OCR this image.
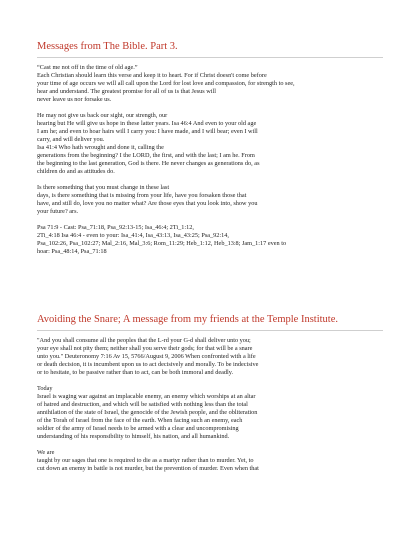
Messages from The Bible. Part 3.
Avoiding the Snare; A message from my friends at the Temple Institute.

“Cast me not off in the time of old age.”

Each Christian should learn this verse and keep it to heart. For if Christ doesn't come before

your time of age occurs we will all call upon the Lord for lost love and compassion, for strength to see,

hear and understand. The greatest promise for all of us is that Jesus will

never leave us nor forsake us.

He may not give us back our sight, our strength, our

hearing but He will give us hope in these latter years. Isa 46:4 And even to your old age

I am he; and even to hoar hairs will I carry you: I have made, and I will bear; even I will

carry, and will deliver you.

Isa 41:4 Who hath wrought and done it, calling the

generations from the beginning? I the LORD, the first, and with the last; I am he. From

the beginning to the last generation, God is there. He never changes as generations do, as

children do and as attitudes do.

Is there something that you must change in these last

days, is there something that is missing from your life, have you forsaken those that

have, and still do, love you no matter what? Are those eyes that you look into, show you

your future? ars.

Psa 71:9 - Cast: Psa_71:18, Psa_92:13-15; Isa_46:4; 2Ti_1:12,

2Ti_4:18 Isa 46:4 - even to your: Isa_41:4, Isa_43:13, Isa_43:25; Psa_92:14,

Psa_102:26, Psa_102:27; Mal_2:16, Mal_3:6; Rom_11:29; Heb_1:12, Heb_13:8; Jam_1:17 even to

hoar: Psa_48:14, Psa_71:18

"And you shall consume all the peoples that the L-rd your G-d shall deliver unto you;

your eye shall not pity them; neither shall you serve their gods; for that will be a snare

unto you." Deuteronomy 7:16 Av 15, 5766/August 9, 2006 When confronted with a life

or death decision, it is incumbent upon us to act decisively and morally. To be indecisive

or to hesitate, to be passive rather than to act, can be both immoral and deadly.

Today

Israel is waging war against an implacable enemy, an enemy which worships at an altar

of hatred and destruction, and which will be satisfied with nothing less than the total

annihilation of the state of Israel, the genocide of the Jewish people, and the obliteration

of the Torah of Israel from the face of the earth. When facing such an enemy, each

soldier of the army of Israel needs to be armed with a clear and uncompromising

understanding of his responsibility to himself, his nation, and all humankind.

We are

taught by our sages that one is required to die as a martyr rather than to murder. Yet, to

cut down an enemy in battle is not murder, but the prevention of murder. Even when that
